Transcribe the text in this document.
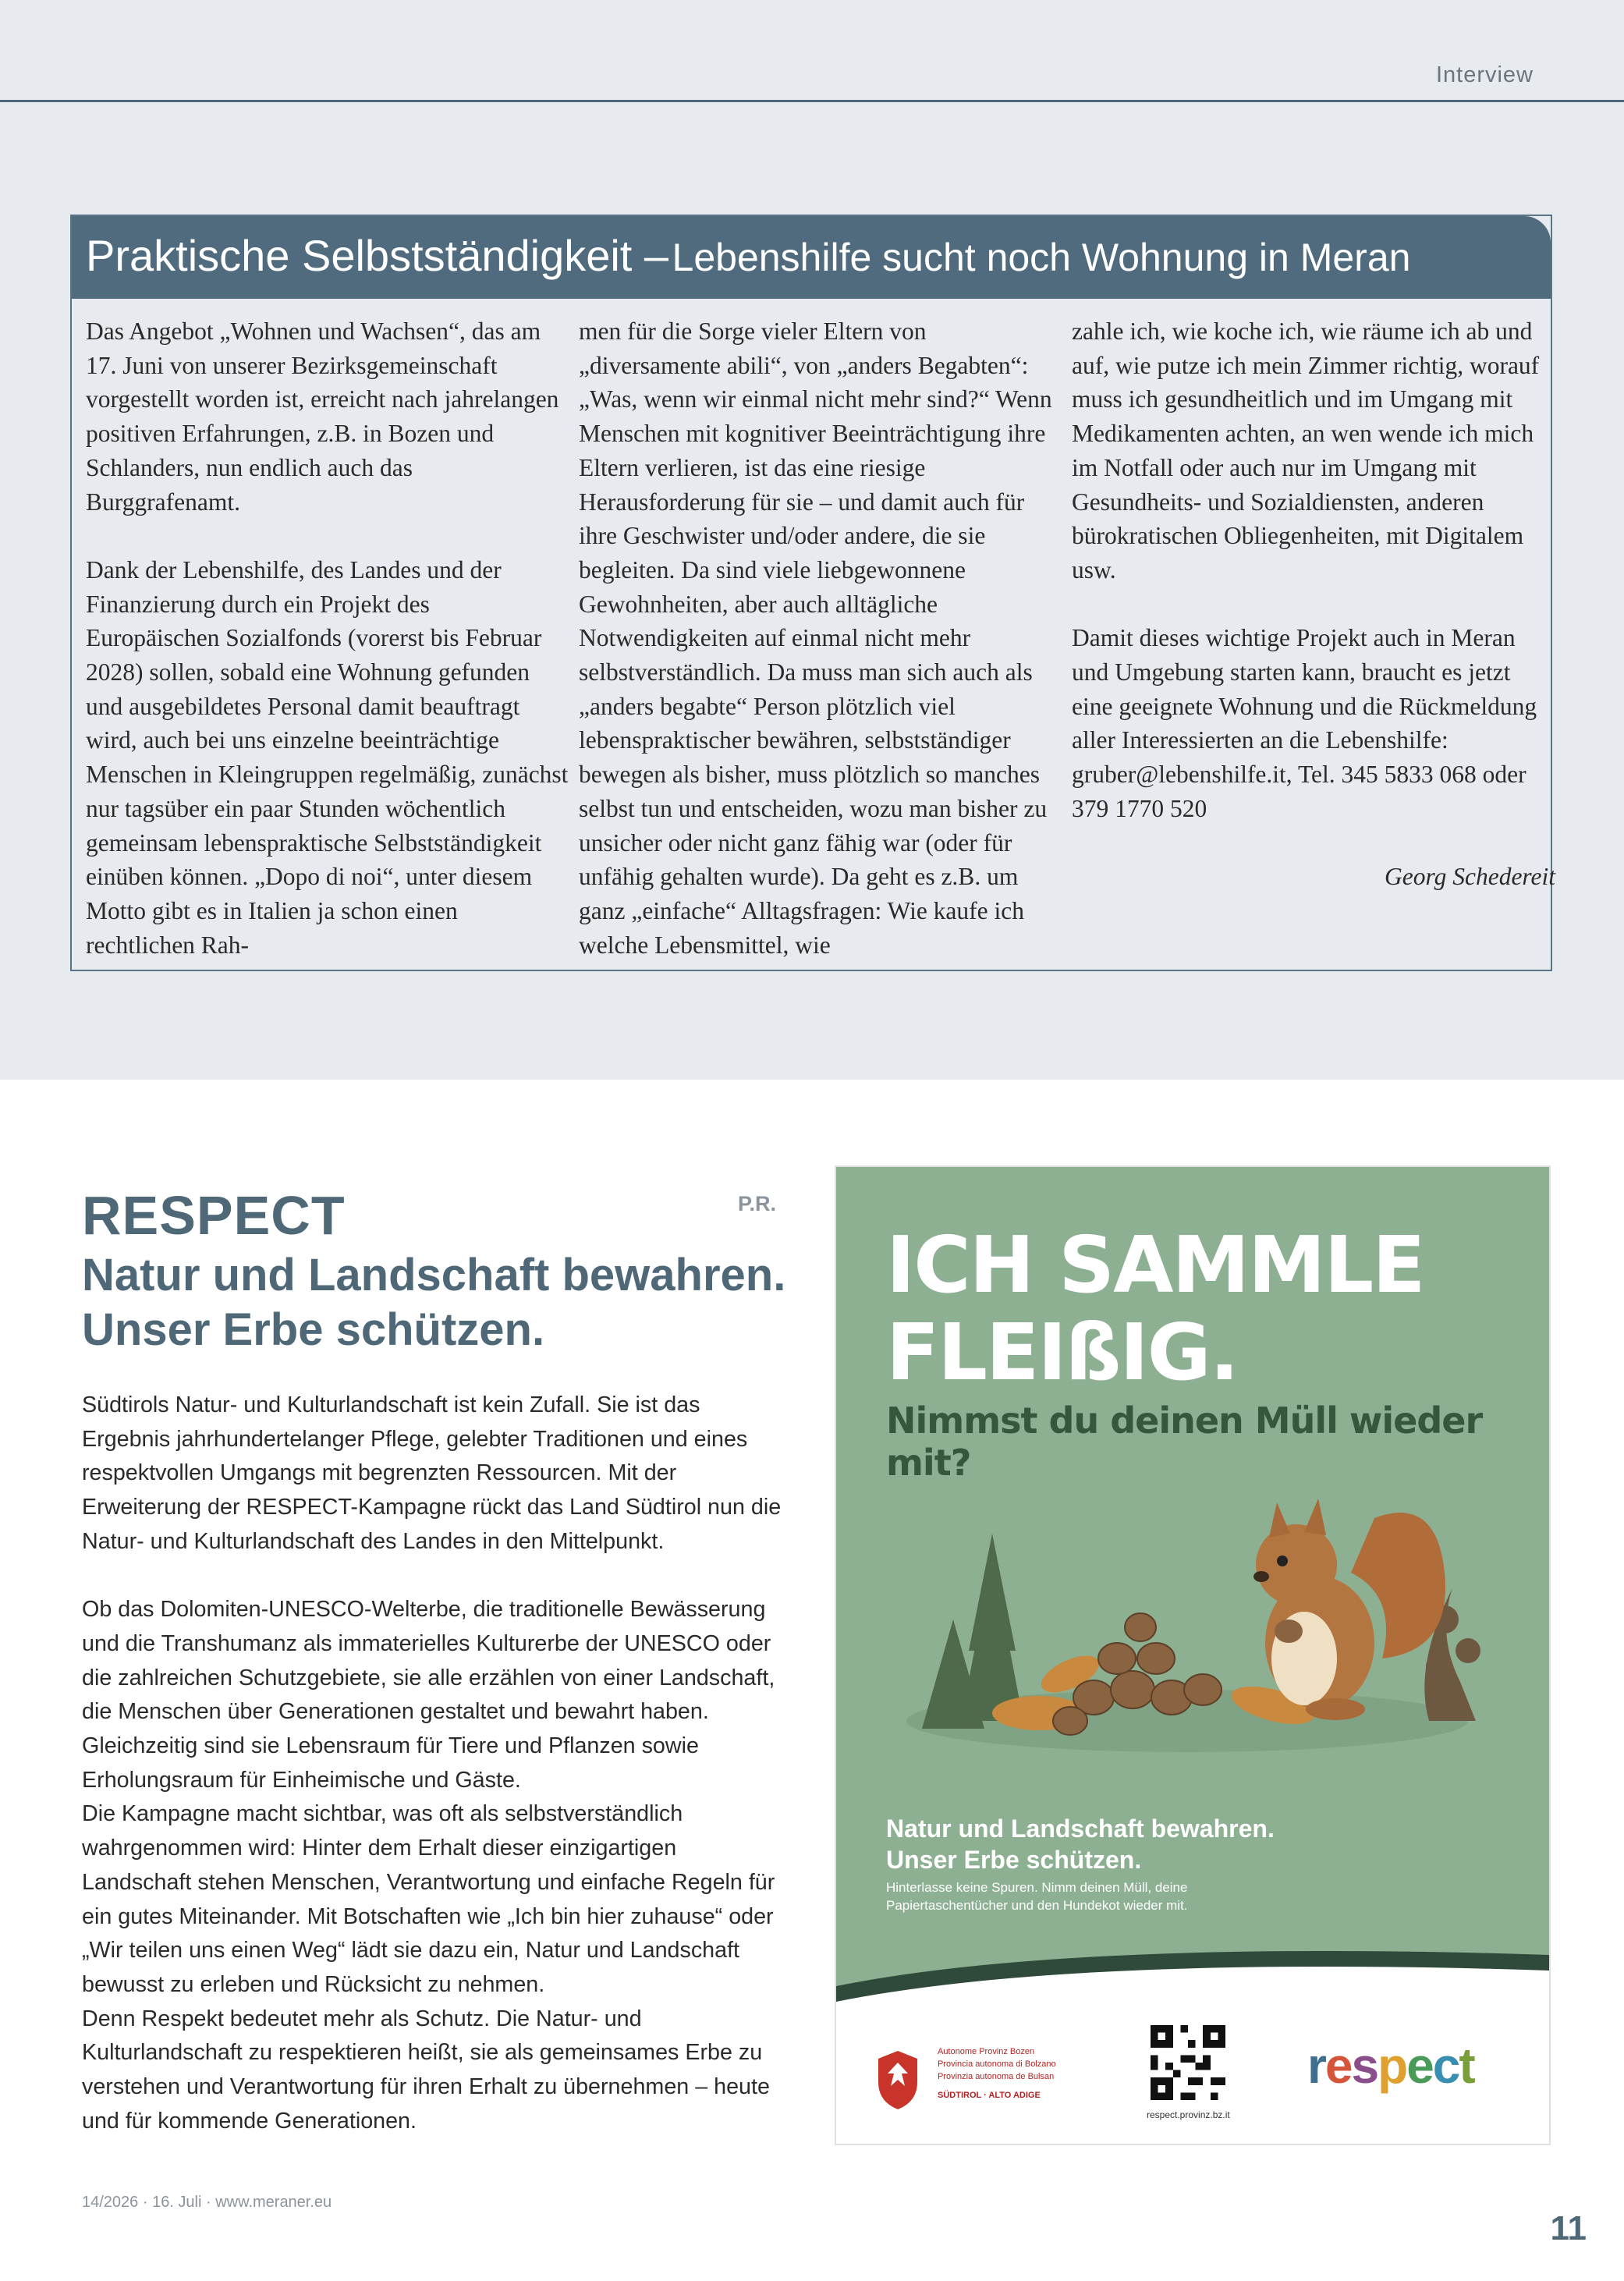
Interview
Praktische Selbstständigkeit – Lebenshilfe sucht noch Wohnung in Meran

Das Angebot „Wohnen und Wachsen“, das am 17. Juni von unserer Bezirksgemeinschaft vorgestellt worden ist, erreicht nach jahrelangen positiven Erfahrungen, z.B. in Bozen und Schlanders, nun endlich auch das Burggrafenamt.

Dank der Lebenshilfe, des Landes und der Finanzierung durch ein Projekt des Europäischen Sozialfonds (vorerst bis Februar 2028) sollen, sobald eine Wohnung gefunden und ausgebildetes Personal damit beauftragt wird, auch bei uns einzelne beeinträchtige Menschen in Kleingruppen regelmäßig, zunächst nur tagsüber ein paar Stunden wöchentlich gemeinsam lebenspraktische Selbstständigkeit einüben können. „Dopo di noi“, unter diesem Motto gibt es in Italien ja schon einen rechtlichen Rah-

men für die Sorge vieler Eltern von „diversamente abili“, von „anders Begabten“: „Was, wenn wir einmal nicht mehr sind?“ Wenn Menschen mit kognitiver Beeinträchtigung ihre Eltern verlieren, ist das eine riesige Herausforderung für sie – und damit auch für ihre Geschwister und/oder andere, die sie begleiten. Da sind viele liebgewonnene Gewohnheiten, aber auch alltägliche Notwendigkeiten auf einmal nicht mehr selbstverständlich. Da muss man sich auch als „anders begabte“ Person plötzlich viel lebenspraktischer bewähren, selbstständiger bewegen als bisher, muss plötzlich so manches selbst tun und entscheiden, wozu man bisher zu unsicher oder nicht ganz fähig war (oder für unfähig gehalten wurde). Da geht es z.B. um ganz „einfache“ Alltagsfragen: Wie kaufe ich welche Lebensmittel, wie

zahle ich, wie koche ich, wie räume ich ab und auf, wie putze ich mein Zimmer richtig, worauf muss ich gesundheitlich und im Umgang mit Medikamenten achten, an wen wende ich mich im Notfall oder auch nur im Umgang mit Gesundheits- und Sozialdiensten, anderen bürokratischen Obliegenheiten, mit Digitalem usw.

Damit dieses wichtige Projekt auch in Meran und Umgebung starten kann, braucht es jetzt eine geeignete Wohnung und die Rückmeldung aller Interessierten an die Lebenshilfe: gruber@lebenshilfe.it, Tel. 345 5833 068 oder 379 1770 520

Georg Schedereit

RESPECT	P.R.
Natur und Landschaft bewahren.
Unser Erbe schützen.

Südtirols Natur- und Kulturlandschaft ist kein Zufall. Sie ist das Ergebnis jahrhundertelanger Pflege, gelebter Traditionen und eines respektvollen Umgangs mit begrenzten Ressourcen. Mit der Erweiterung der RESPECT-Kampagne rückt das Land Südtirol nun die Natur- und Kulturlandschaft des Landes in den Mittelpunkt.

Ob das Dolomiten-UNESCO-Welterbe, die traditionelle Bewässerung und die Transhumanz als immaterielles Kulturerbe der UNESCO oder die zahlreichen Schutzgebiete, sie alle erzählen von einer Landschaft, die Menschen über Generationen gestaltet und bewahrt haben. Gleichzeitig sind sie Lebensraum für Tiere und Pflanzen sowie Erholungsraum für Einheimische und Gäste.

Die Kampagne macht sichtbar, was oft als selbstverständlich wahrgenommen wird: Hinter dem Erhalt dieser einzigartigen Landschaft stehen Menschen, Verantwortung und einfache Regeln für ein gutes Miteinander. Mit Botschaften wie „Ich bin hier zuhause“ oder „Wir teilen uns einen Weg“ lädt sie dazu ein, Natur und Landschaft bewusst zu erleben und Rücksicht zu nehmen.

Denn Respekt bedeutet mehr als Schutz. Die Natur- und Kulturlandschaft zu respektieren heißt, sie als gemeinsames Erbe zu verstehen und Verantwortung für ihren Erhalt zu übernehmen – heute und für kommende Generationen.

ICH SAMMLE
FLEIßIG.
Nimmst du deinen Müll wieder mit?
Natur und Landschaft bewahren.
Unser Erbe schützen.
Hinterlasse keine Spuren. Nimm deinen Müll, deine Papiertaschentücher und den Hundekot wieder mit.
Autonome Provinz Bozen
Provincia autonoma di Bolzano
Provinzia autonoma de Bulsan
SÜDTIROL · ALTO ADIGE
respect.provinz.bz.it
respect
14/2026 · 16. Juli · www.meraner.eu
11
